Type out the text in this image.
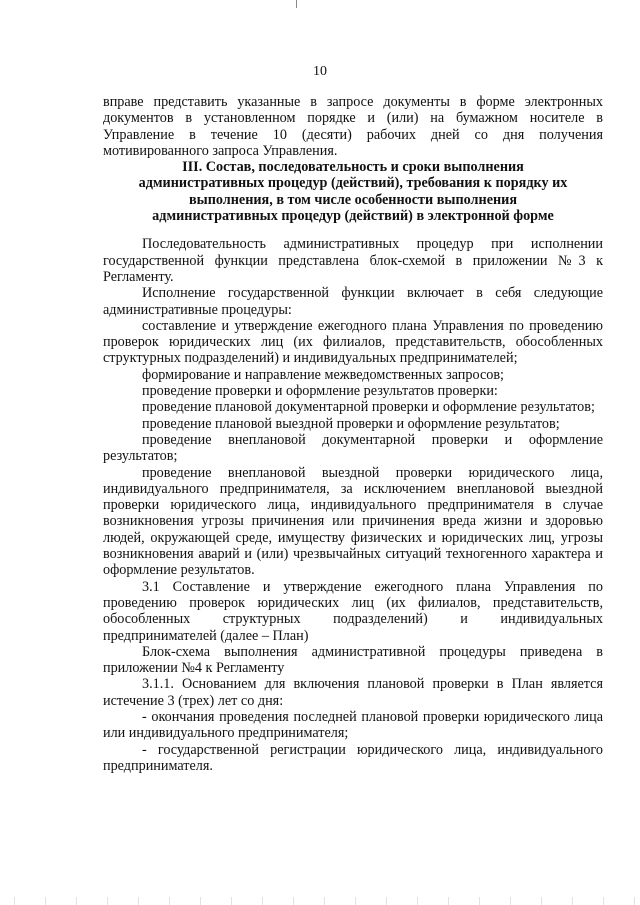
10

вправе представить указанные в запросе документы в форме электронных документов в установленном порядке и (или) на бумажном носителе в Управление в течение 10 (десяти) рабочих дней со дня получения мотивированного запроса Управления.

III. Состав, последовательность и сроки выполнения
административных процедур (действий), требования к порядку их
выполнения, в том числе особенности выполнения
административных процедур (действий) в электронной форме

Последовательность административных процедур при исполнении государственной функции представлена блок-схемой в приложении №3 к Регламенту.

Исполнение государственной функции включает в себя следующие административные процедуры:

составление и утверждение ежегодного плана Управления по проведению проверок юридических лиц (их филиалов, представительств, обособленных структурных подразделений) и индивидуальных предпринимателей;

формирование и направление межведомственных запросов;

проведение проверки и оформление результатов проверки:

проведение плановой документарной проверки и оформление результатов;

проведение плановой выездной проверки и оформление результатов;

проведение внеплановой документарной проверки и оформление результатов;

проведение внеплановой выездной проверки юридического лица, индивидуального предпринимателя, за исключением внеплановой выездной проверки юридического лица, индивидуального предпринимателя в случае возникновения угрозы причинения или причинения вреда жизни и здоровью людей, окружающей среде, имуществу физических и юридических лиц, угрозы возникновения аварий и (или) чрезвычайных ситуаций техногенного характера и оформление результатов.

3.1 Составление и утверждение ежегодного плана Управления по проведению проверок юридических лиц (их филиалов, представительств, обособленных структурных подразделений) и индивидуальных предпринимателей (далее – План)

Блок-схема выполнения административной процедуры приведена в приложении №4 к Регламенту

3.1.1. Основанием для включения плановой проверки в План является истечение 3 (трех) лет со дня:

- окончания проведения последней плановой проверки юридического лица или индивидуального предпринимателя;

- государственной регистрации юридического лица, индивидуального предпринимателя.
